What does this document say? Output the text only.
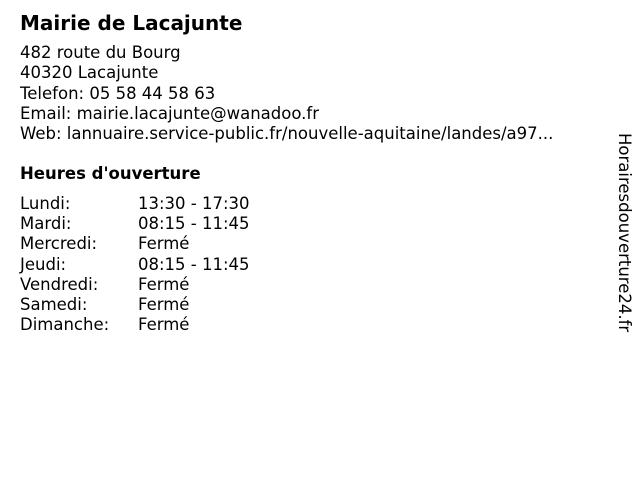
Mairie de Lacajunte
482 route du Bourg
40320 Lacajunte
Telefon: 05 58 44 58 63
Email: mairie.lacajunte@wanadoo.fr
Web: lannuaire.service-public.fr/nouvelle-aquitaine/landes/a97...
Heures d'ouverture
Lundi:	13:30 - 17:30
Mardi:	08:15 - 11:45
Mercredi:	Fermé
Jeudi:	08:15 - 11:45
Vendredi:	Fermé
Samedi:	Fermé
Dimanche:	Fermé	Horairesdouverture24.fr
